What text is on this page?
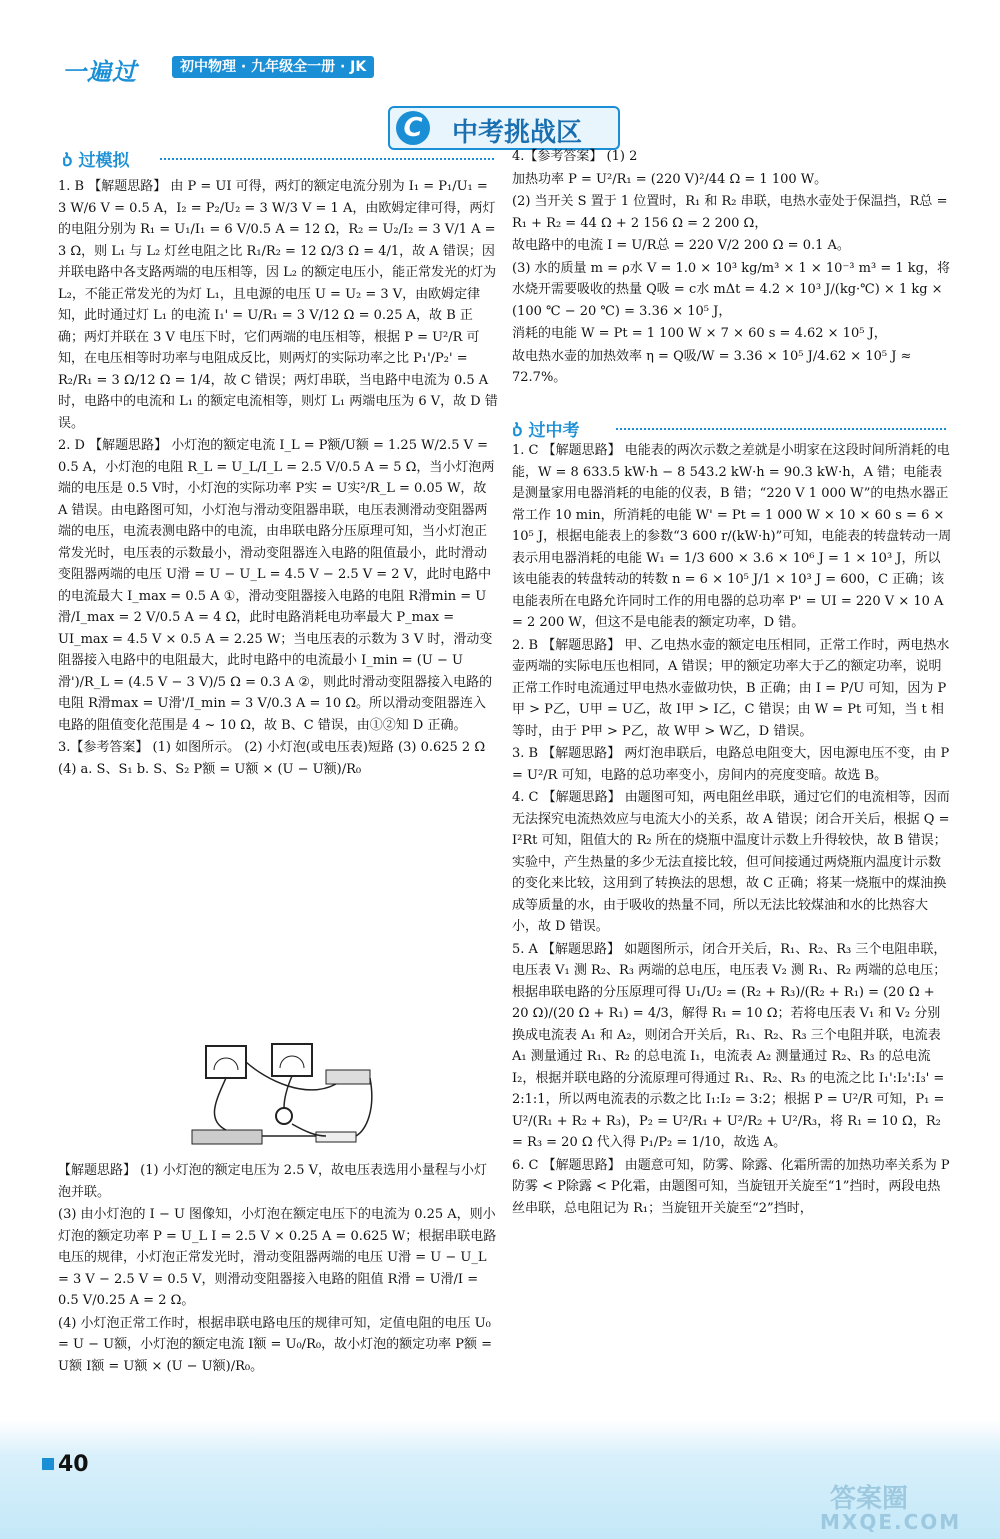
一遍过	初中物理 · 九年级全一册 · JK
C 中考挑战区
ⳳ 过模拟

1. B 【解题思路】 由 P = UI 可得，两灯的额定电流分别为 I₁ = P₁/U₁ = 3 W/6 V = 0.5 A，I₂ = P₂/U₂ = 3 W/3 V = 1 A，由欧姆定律可得，两灯的电阻分别为 R₁ = U₁/I₁ = 6 V/0.5 A = 12 Ω，R₂ = U₂/I₂ = 3 V/1 A = 3 Ω，则 L₁ 与 L₂ 灯丝电阻之比 R₁/R₂ = 12 Ω/3 Ω = 4/1，故 A 错误；因并联电路中各支路两端的电压相等，因 L₂ 的额定电压小，能正常发光的灯为 L₂，不能正常发光的为灯 L₁，且电源的电压 U = U₂ = 3 V，由欧姆定律知，此时通过灯 L₁ 的电流 I₁' = U/R₁ = 3 V/12 Ω = 0.25 A，故 B 正确；两灯并联在 3 V 电压下时，它们两端的电压相等，根据 P = U²/R 可知，在电压相等时功率与电阻成反比，则两灯的实际功率之比 P₁'/P₂' = R₂/R₁ = 3 Ω/12 Ω = 1/4，故 C 错误；两灯串联，当电路中电流为 0.5 A时，电路中的电流和 L₁ 的额定电流相等，则灯 L₁ 两端电压为 6 V，故 D 错误。

2. D 【解题思路】 小灯泡的额定电流 I_L = P额/U额 = 1.25 W/2.5 V = 0.5 A，小灯泡的电阻 R_L = U_L/I_L = 2.5 V/0.5 A = 5 Ω，当小灯泡两端的电压是 0.5 V时，小灯泡的实际功率 P实 = U实²/R_L = 0.05 W，故 A 错误。由电路图可知，小灯泡与滑动变阻器串联，电压表测滑动变阻器两端的电压，电流表测电路中的电流，由串联电路分压原理可知，当小灯泡正常发光时，电压表的示数最小，滑动变阻器连入电路的阻值最小，此时滑动变阻器两端的电压 U滑 = U − U_L = 4.5 V − 2.5 V = 2 V，此时电路中的电流最大 I_max = 0.5 A ①，滑动变阻器接入电路的电阻 R滑min = U滑/I_max = 2 V/0.5 A = 4 Ω，此时电路消耗电功率最大 P_max = UI_max = 4.5 V × 0.5 A = 2.25 W；当电压表的示数为 3 V 时，滑动变阻器接入电路中的电阻最大，此时电路中的电流最小 I_min = (U − U滑')/R_L = (4.5 V − 3 V)/5 Ω = 0.3 A ②，则此时滑动变阻器接入电路的电阻 R滑max = U滑'/I_min = 3 V/0.3 A = 10 Ω。所以滑动变阻器连入电路的阻值变化范围是 4 ~ 10 Ω，故 B、C 错误，由①②知 D 正确。

3.【参考答案】 (1) 如图所示。 (2) 小灯泡(或电压表)短路 (3) 0.625 2 Ω (4) a. S、S₁ b. S、S₂ P额 = U额 × (U − U额)/R₀

【解题思路】 (1) 小灯泡的额定电压为 2.5 V，故电压表选用小量程与小灯泡并联。

(3) 由小灯泡的 I − U 图像知，小灯泡在额定电压下的电流为 0.25 A，则小灯泡的额定功率 P = U_L I = 2.5 V × 0.25 A = 0.625 W；根据串联电路电压的规律，小灯泡正常发光时，滑动变阻器两端的电压 U滑 = U − U_L = 3 V − 2.5 V = 0.5 V，则滑动变阻器接入电路的阻值 R滑 = U滑/I = 0.5 V/0.25 A = 2 Ω。

(4) 小灯泡正常工作时，根据串联电路电压的规律可知，定值电阻的电压 U₀ = U − U额，小灯泡的额定电流 I额 = U₀/R₀，故小灯泡的额定功率 P额 = U额 I额 = U额 × (U − U额)/R₀。

4.【参考答案】 (1) 2

加热功率 P = U²/R₁ = (220 V)²/44 Ω = 1 100 W。

(2) 当开关 S 置于 1 位置时，R₁ 和 R₂ 串联，电热水壶处于保温挡，R总 = R₁ + R₂ = 44 Ω + 2 156 Ω = 2 200 Ω，

故电路中的电流 I = U/R总 = 220 V/2 200 Ω = 0.1 A。

(3) 水的质量 m = ρ水 V = 1.0 × 10³ kg/m³ × 1 × 10⁻³ m³ = 1 kg，将水烧开需要吸收的热量 Q吸 = c水 mΔt = 4.2 × 10³ J/(kg·℃) × 1 kg × (100 ℃ − 20 ℃) = 3.36 × 10⁵ J，

消耗的电能 W = Pt = 1 100 W × 7 × 60 s = 4.62 × 10⁵ J，

故电热水壶的加热效率 η = Q吸/W = 3.36 × 10⁵ J/4.62 × 10⁵ J ≈ 72.7%。

ⳳ 过中考

1. C 【解题思路】 电能表的两次示数之差就是小明家在这段时间所消耗的电能，W = 8 633.5 kW·h − 8 543.2 kW·h = 90.3 kW·h，A 错；电能表是测量家用电器消耗的电能的仪表，B 错；“220 V 1 000 W”的电热水器正常工作 10 min，所消耗的电能 W' = Pt = 1 000 W × 10 × 60 s = 6 × 10⁵ J，根据电能表上的参数“3 600 r/(kW·h)”可知，电能表的转盘转动一周表示用电器消耗的电能 W₁ = 1/3 600 × 3.6 × 10⁶ J = 1 × 10³ J，所以该电能表的转盘转动的转数 n = 6 × 10⁵ J/1 × 10³ J = 600，C 正确；该电能表所在电路允许同时工作的用电器的总功率 P' = UI = 220 V × 10 A = 2 200 W，但这不是电能表的额定功率，D 错。

2. B 【解题思路】 甲、乙电热水壶的额定电压相同，正常工作时，两电热水壶两端的实际电压也相同，A 错误；甲的额定功率大于乙的额定功率，说明正常工作时电流通过甲电热水壶做功快，B 正确；由 I = P/U 可知，因为 P甲 > P乙，U甲 = U乙，故 I甲 > I乙，C 错误；由 W = Pt 可知，当 t 相等时，由于 P甲 > P乙，故 W甲 > W乙，D 错误。

3. B 【解题思路】 两灯泡串联后，电路总电阻变大，因电源电压不变，由 P = U²/R 可知，电路的总功率变小，房间内的亮度变暗。故选 B。

4. C 【解题思路】 由题图可知，两电阻丝串联，通过它们的电流相等，因而无法探究电流热效应与电流大小的关系，故 A 错误；闭合开关后，根据 Q = I²Rt 可知，阻值大的 R₂ 所在的烧瓶中温度计示数上升得较快，故 B 错误；实验中，产生热量的多少无法直接比较，但可间接通过两烧瓶内温度计示数的变化来比较，这用到了转换法的思想，故 C 正确；将某一烧瓶中的煤油换成等质量的水，由于吸收的热量不同，所以无法比较煤油和水的比热容大小，故 D 错误。

5. A 【解题思路】 如题图所示，闭合开关后，R₁、R₂、R₃ 三个电阻串联，电压表 V₁ 测 R₂、R₃ 两端的总电压，电压表 V₂ 测 R₁、R₂ 两端的总电压；根据串联电路的分压原理可得 U₁/U₂ = (R₂ + R₃)/(R₂ + R₁) = (20 Ω + 20 Ω)/(20 Ω + R₁) = 4/3，解得 R₁ = 10 Ω；若将电压表 V₁ 和 V₂ 分别换成电流表 A₁ 和 A₂，则闭合开关后，R₁、R₂、R₃ 三个电阻并联，电流表 A₁ 测量通过 R₁、R₂ 的总电流 I₁，电流表 A₂ 测量通过 R₂、R₃ 的总电流 I₂，根据并联电路的分流原理可得通过 R₁、R₂、R₃ 的电流之比 I₁':I₂':I₃' = 2:1:1，所以两电流表的示数之比 I₁:I₂ = 3:2；根据 P = U²/R 可知，P₁ = U²/(R₁ + R₂ + R₃)，P₂ = U²/R₁ + U²/R₂ + U²/R₃，将 R₁ = 10 Ω，R₂ = R₃ = 20 Ω 代入得 P₁/P₂ = 1/10，故选 A。

6. C 【解题思路】 由题意可知，防雾、除露、化霜所需的加热功率关系为 P防雾 < P除露 < P化霜，由题图可知，当旋钮开关旋至“1”挡时，两段电热丝串联，总电阻记为 R₁；当旋钮开关旋至“2”挡时，

40
答案圈
MXQE.COM
